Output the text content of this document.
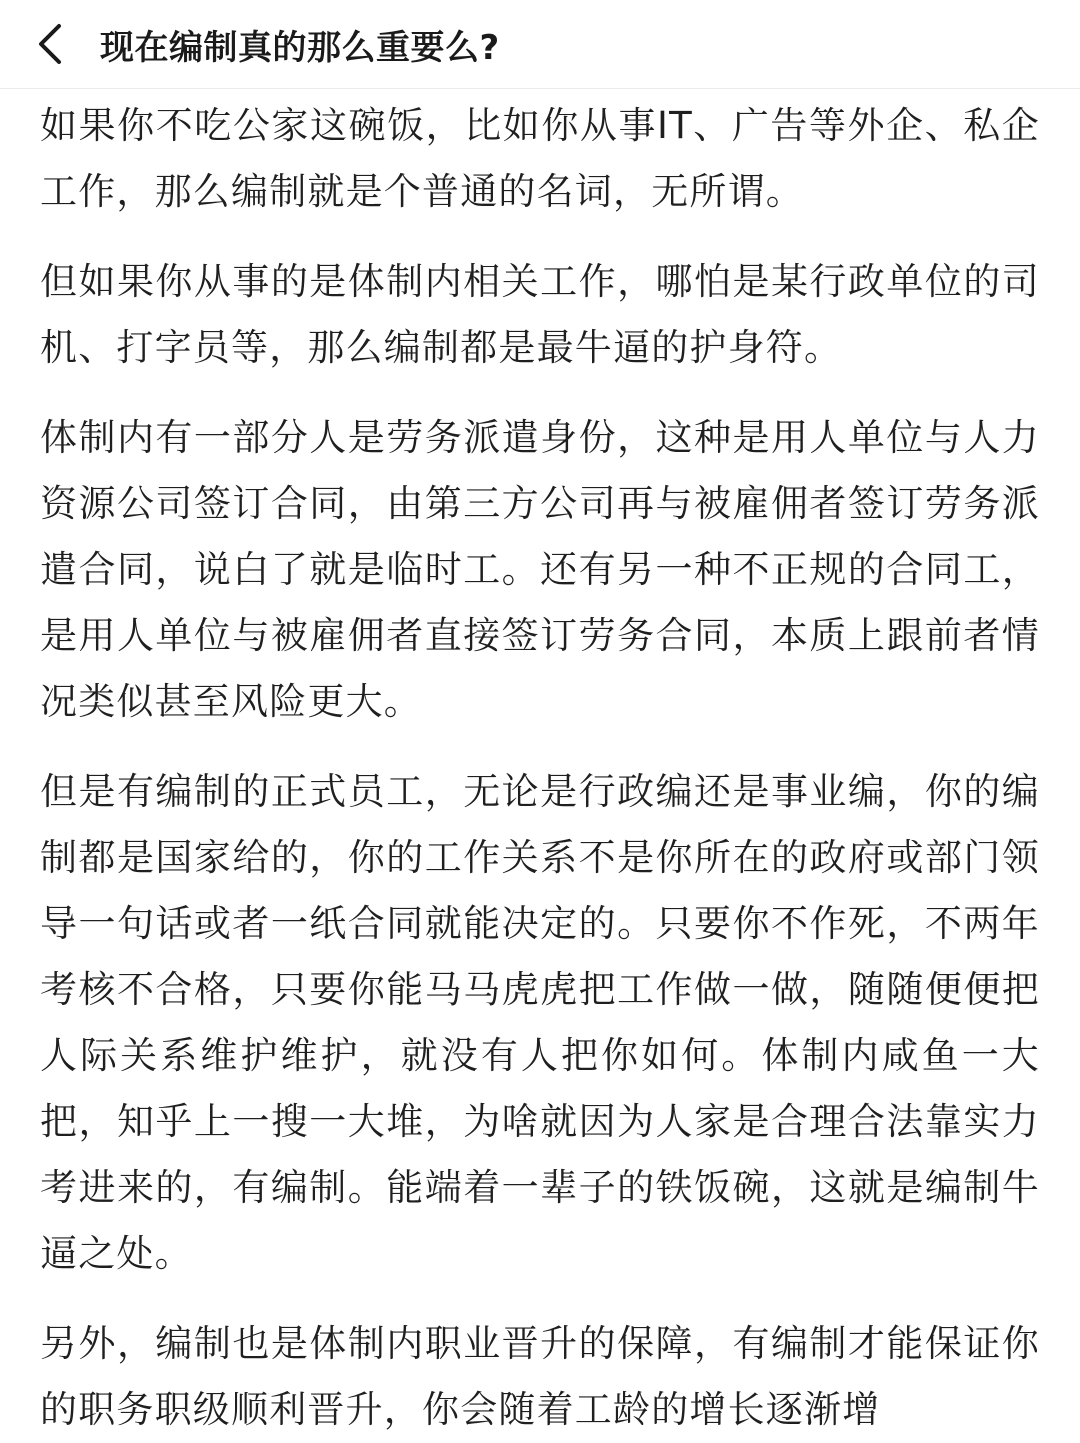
现在编制真的那么重要么?

如果你不吃公家这碗饭，比如你从事IT、广告等外企、私企工作，那么编制就是个普通的名词，无所谓。

但如果你从事的是体制内相关工作，哪怕是某行政单位的司机、打字员等，那么编制都是最牛逼的护身符。

体制内有一部分人是劳务派遣身份，这种是用人单位与人力资源公司签订合同，由第三方公司再与被雇佣者签订劳务派遣合同，说白了就是临时工。还有另一种不正规的合同工，是用人单位与被雇佣者直接签订劳务合同，本质上跟前者情况类似甚至风险更大。

但是有编制的正式员工，无论是行政编还是事业编，你的编制都是国家给的，你的工作关系不是你所在的政府或部门领导一句话或者一纸合同就能决定的。只要你不作死，不两年考核不合格，只要你能马马虎虎把工作做一做，随随便便把人际关系维护维护，就没有人把你如何。体制内咸鱼一大把，知乎上一搜一大堆，为啥就因为人家是合理合法靠实力考进来的，有编制。能端着一辈子的铁饭碗，这就是编制牛逼之处。

另外，编制也是体制内职业晋升的保障，有编制才能保证你的职务职级顺利晋升，你会随着工龄的增长逐渐增
